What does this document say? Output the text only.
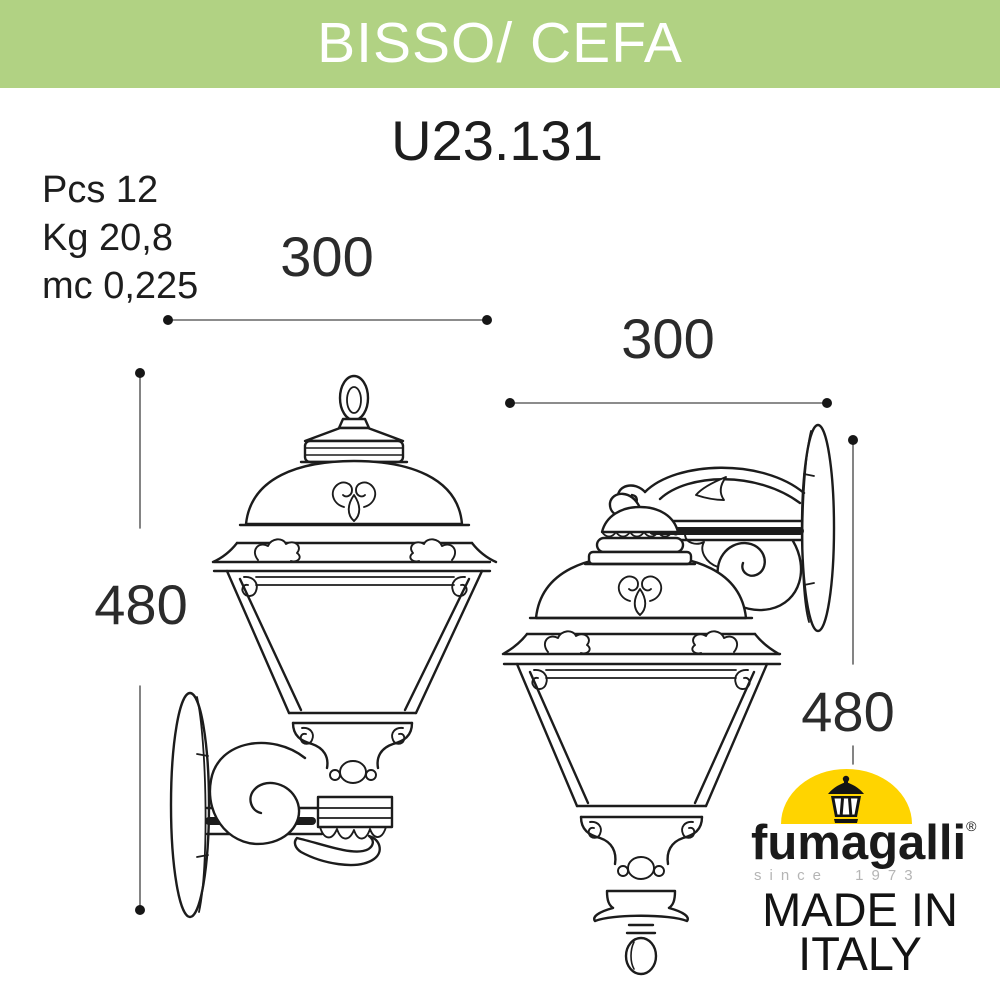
BISSO/ CEFA
U23.131
Pcs 12
Kg 20,8
mc 0,225 300
300
480
480
fumagalli®
since 1973
MADE IN
ITALY
